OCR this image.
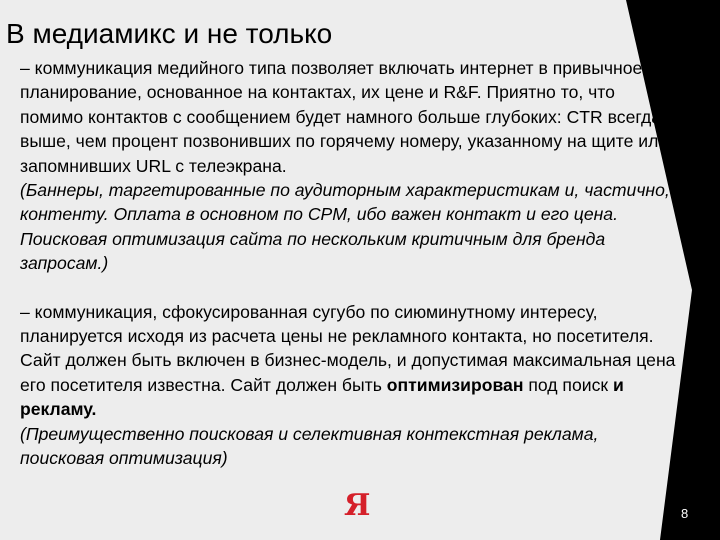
В медиамикс и не только

– коммуникация медийного типа позволяет включать интернет в привычное планирование, основанное на контактах, их цене и R&F. Приятно то, что помимо контактов с сообщением будет намного больше глубоких: CTR всегда выше, чем процент позвонивших по горячему номеру, указанному на щите или запомнивших URL с телеэкрана.

(Баннеры, таргетированные по аудиторным характеристикам и, частично, контенту. Оплата в основном по CPM, ибо важен контакт и его цена. Поисковая оптимизация сайта по нескольким критичным для бренда запросам.)

– коммуникация, сфокусированная сугубо по сиюминутному интересу, планируется исходя из расчета цены не рекламного контакта, но посетителя. Сайт должен быть включен в бизнес-модель, и допустимая максимальная цена его посетителя известна. Сайт должен быть оптимизирован под поиск и рекламу.

(Преимущественно поисковая и селективная контекстная реклама, поисковая оптимизация)

Я	8
